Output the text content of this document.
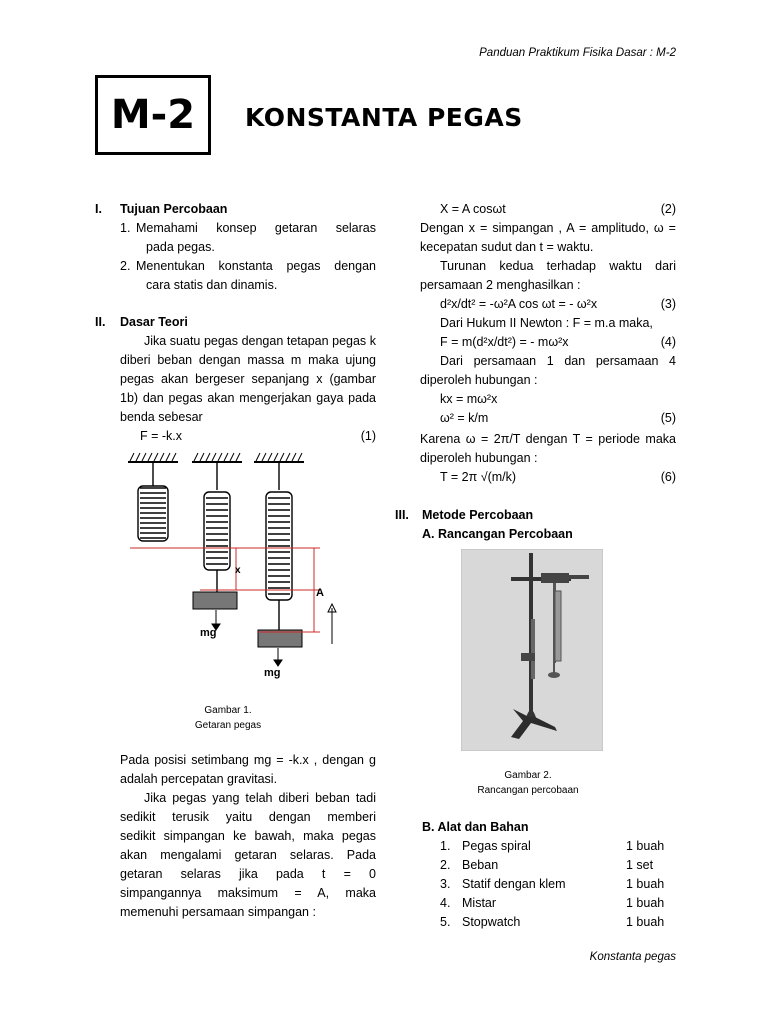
Panduan Praktikum Fisika Dasar : M-2
M-2 KONSTANTA PEGAS
I. Tujuan Percobaan
1. Memahami konsep getaran selaras
pada pegas.
2. Menentukan konstanta pegas dengan
cara statis dan dinamis.
II. Dasar Teori
Jika suatu pegas dengan tetapan pegas k
diberi beban dengan massa m maka ujung
pegas akan bergeser sepanjang x (gambar
1b) dan pegas akan mengerjakan gaya pada
benda sebesar
F = -k.x	(1)
x
A
mg
mg
Gambar 1.
Getaran pegas
Pada posisi setimbang mg = -k.x , dengan g
adalah percepatan gravitasi.
Jika pegas yang telah diberi beban tadi
sedikit terusik yaitu dengan memberi
sedikit simpangan ke bawah, maka pegas
akan mengalami getaran selaras. Pada
getaran selaras jika pada t = 0
simpangannya maksimum = A, maka
memenuhi persamaan simpangan :
X = A cosωt	(2)
Dengan x = simpangan , A = amplitudo, ω =
kecepatan sudut dan t = waktu.
Turunan kedua terhadap waktu dari
persamaan 2 menghasilkan :
d²x/dt² = -ω²A cos ωt = - ω²x	(3)
Dari Hukum II Newton : F = m.a maka,
F = m(d²x/dt²) = - mω²x	(4)
Dari persamaan 1 dan persamaan 4
diperoleh hubungan :
kx = mω²x
ω² = k/m	(5)
Karena ω = 2π/T dengan T = periode maka
diperoleh hubungan :
T = 2π √(m/k)	(6)
III. Metode Percobaan
A. Rancangan Percobaan
Gambar 2.
Rancangan percobaan
B. Alat dan Bahan
1. Pegas spiral	1 buah
2. Beban	1 set
3. Statif dengan klem	1 buah
4. Mistar	1 buah
5. Stopwatch	1 buah
Konstanta pegas
